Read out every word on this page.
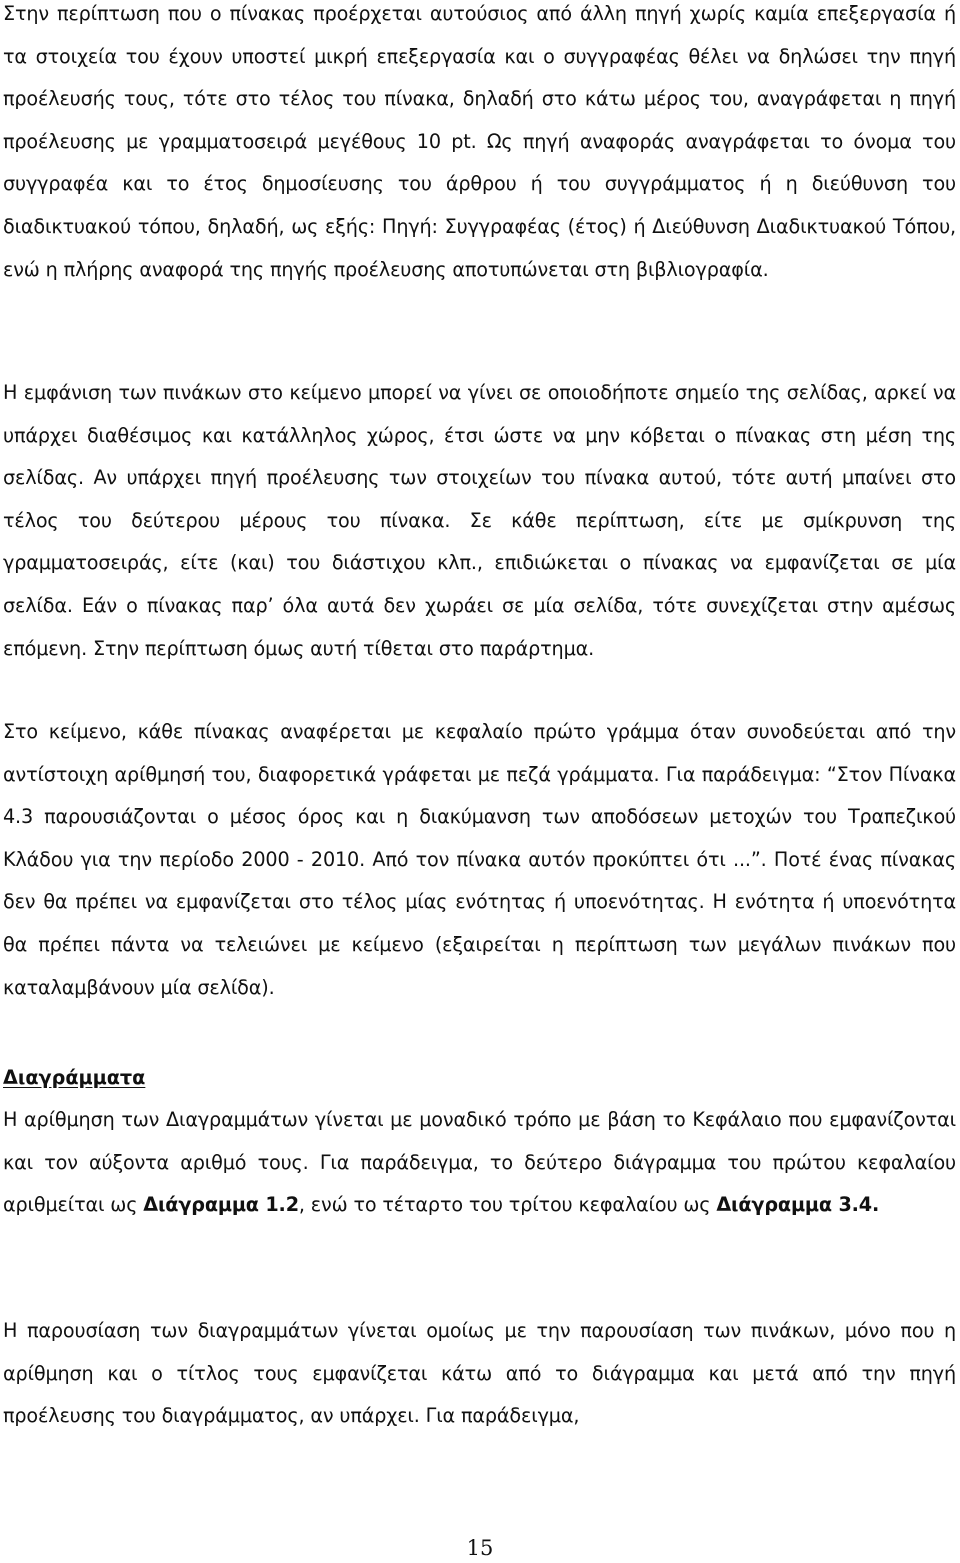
Στην περίπτωση που ο πίνακας προέρχεται αυτούσιος από άλλη πηγή χωρίς καμία επεξεργασία ή τα στοιχεία του έχουν υποστεί μικρή επεξεργασία και ο συγγραφέας θέλει να δηλώσει την πηγή προέλευσής τους, τότε στο τέλος του πίνακα, δηλαδή στο κάτω μέρος του, αναγράφεται η πηγή προέλευσης με γραμματοσειρά μεγέθους 10 pt. Ως πηγή αναφοράς αναγράφεται το όνομα του συγγραφέα και το έτος δημοσίευσης του άρθρου ή του συγγράμματος ή η διεύθυνση του διαδικτυακού τόπου, δηλαδή, ως εξής: Πηγή: Συγγραφέας (έτος) ή Διεύθυνση Διαδικτυακού Τόπου, ενώ η πλήρης αναφορά της πηγής προέλευσης αποτυπώνεται στη βιβλιογραφία.

Η εμφάνιση των πινάκων στο κείμενο μπορεί να γίνει σε οποιοδήποτε σημείο της σελίδας, αρκεί να υπάρχει διαθέσιμος και κατάλληλος χώρος, έτσι ώστε να μην κόβεται ο πίνακας στη μέση της σελίδας. Αν υπάρχει πηγή προέλευσης των στοιχείων του πίνακα αυτού, τότε αυτή μπαίνει στο τέλος του δεύτερου μέρους του πίνακα. Σε κάθε περίπτωση, είτε με σμίκρυνση της γραμματοσειράς, είτε (και) του διάστιχου κλπ., επιδιώκεται ο πίνακας να εμφανίζεται σε μία σελίδα. Εάν ο πίνακας παρ’ όλα αυτά δεν χωράει σε μία σελίδα, τότε συνεχίζεται στην αμέσως επόμενη. Στην περίπτωση όμως αυτή τίθεται στο παράρτημα.

Στο κείμενο, κάθε πίνακας αναφέρεται με κεφαλαίο πρώτο γράμμα όταν συνοδεύεται από την αντίστοιχη αρίθμησή του, διαφορετικά γράφεται με πεζά γράμματα. Για παράδειγμα: “Στον Πίνακα 4.3 παρουσιάζονται ο μέσος όρος και η διακύμανση των αποδόσεων μετοχών του Τραπεζικού Κλάδου για την περίοδο 2000 - 2010. Από τον πίνακα αυτόν προκύπτει ότι ...”. Ποτέ ένας πίνακας δεν θα πρέπει να εμφανίζεται στο τέλος μίας ενότητας ή υποενότητας. Η ενότητα ή υποενότητα θα πρέπει πάντα να τελειώνει με κείμενο (εξαιρείται η περίπτωση των μεγάλων πινάκων που καταλαμβάνουν μία σελίδα).

Διαγράμματα

Η αρίθμηση των Διαγραμμάτων γίνεται με μοναδικό τρόπο με βάση το Κεφάλαιο που εμφανίζονται και τον αύξοντα αριθμό τους. Για παράδειγμα, το δεύτερο διάγραμμα του πρώτου κεφαλαίου αριθμείται ως Διάγραμμα 1.2, ενώ το τέταρτο του τρίτου κεφαλαίου ως Διάγραμμα 3.4.

Η παρουσίαση των διαγραμμάτων γίνεται ομοίως με την παρουσίαση των πινάκων, μόνο που η αρίθμηση και ο τίτλος τους εμφανίζεται κάτω από το διάγραμμα και μετά από την πηγή προέλευσης του διαγράμματος, αν υπάρχει. Για παράδειγμα,

15
